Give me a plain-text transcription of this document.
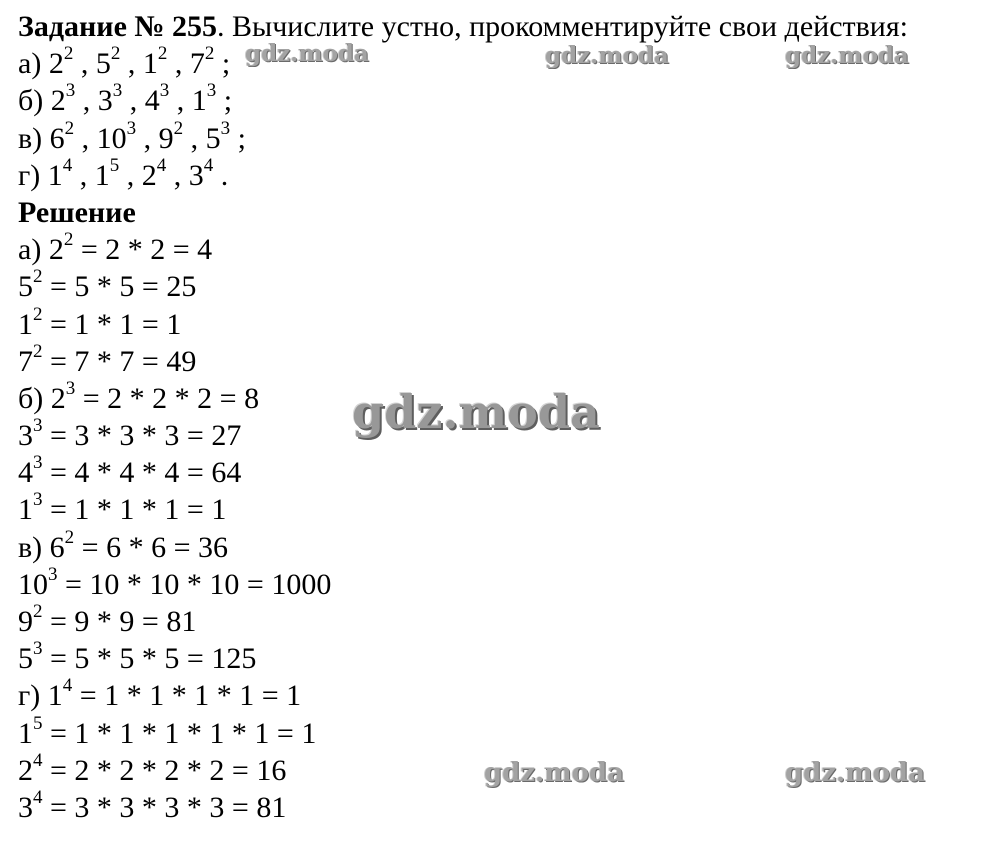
Задание № 255. Вычислите устно, прокомментируйте свои действия:
а) $2^2$ , $5^2$ , $1^2$ , $7^2$ ;
б) $2^3$ , $3^3$ , $4^3$ , $1^3$ ;
в) $6^2$ , $10^3$ , $9^2$ , $5^3$ ;
г) $1^4$ , $1^5$ , $2^4$ , $3^4$ .
Решение
а) $2^2 = 2 * 2 = 4$
$5^2 = 5 * 5 = 25$
$1^2 = 1 * 1 = 1$
$7^2 = 7 * 7 = 49$
б) $2^3 = 2 * 2 * 2 = 8$
$3^3 = 3 * 3 * 3 = 27$
$4^3 = 4 * 4 * 4 = 64$
$1^3 = 1 * 1 * 1 = 1$
в) $6^2 = 6 * 6 = 36$
$10^3 = 10 * 10 * 10 = 1000$
$9^2 = 9 * 9 = 81$
$5^3 = 5 * 5 * 5 = 125$
г) $1^4 = 1 * 1 * 1 * 1 = 1$
$1^5 = 1 * 1 * 1 * 1 * 1 = 1$
$2^4 = 2 * 2 * 2 * 2 = 16$
$3^4 = 3 * 3 * 3 * 3 = 81$
gdz.moda	gdz.moda	gdz.moda
gdz.moda
gdz.moda	gdz.moda
